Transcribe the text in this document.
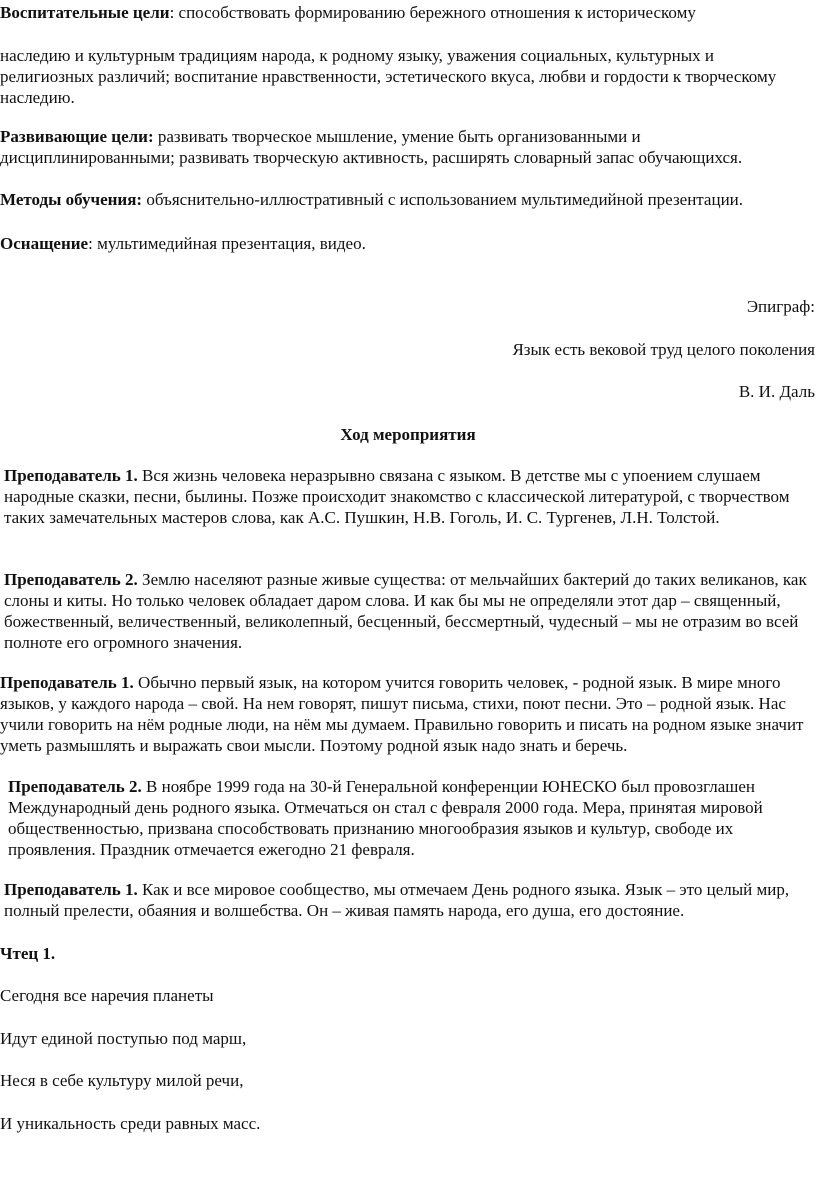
Воспитательные цели: способствовать формированию бережного отношения к историческому

наследию и культурным традициям народа, к родному языку, уважения социальных, культурных и религиозных различий; воспитание нравственности, эстетического вкуса, любви и гордости к творческому наследию.

Развивающие цели: развивать творческое мышление, умение быть организованными и дисциплинированными; развивать творческую активность, расширять словарный запас обучающихся.

Методы обучения: объяснительно-иллюстративный с использованием мультимедийной презентации.

Оснащение: мультимедийная презентация, видео.

Эпиграф:

Язык есть вековой труд целого поколения

В. И. Даль

Ход мероприятия

Преподаватель 1. Вся жизнь человека неразрывно связана с языком. В детстве мы с упоением слушаем народные сказки, песни, былины. Позже происходит знакомство с классической литературой, с творчеством таких замечательных мастеров слова, как А.С. Пушкин, Н.В. Гоголь, И. С. Тургенев, Л.Н. Толстой.

Преподаватель 2. Землю населяют разные живые существа: от мельчайших бактерий до таких великанов, как слоны и киты. Но только человек обладает даром слова. И как бы мы не определяли этот дар – священный, божественный, величественный, великолепный, бесценный, бессмертный, чудесный – мы не отразим во всей полноте его огромного значения.

Преподаватель 1. Обычно первый язык, на котором учится говорить человек, - родной язык. В мире много языков, у каждого народа – свой. На нем говорят, пишут письма, стихи, поют песни. Это – родной язык. Нас учили говорить на нём родные люди, на нём мы думаем. Правильно говорить и писать на родном языке значит уметь размышлять и выражать свои мысли. Поэтому родной язык надо знать и беречь.

Преподаватель 2. В ноябре 1999 года на 30-й Генеральной конференции ЮНЕСКО был провозглашен Международный день родного языка. Отмечаться он стал с февраля 2000 года. Мера, принятая мировой общественностью, призвана способствовать признанию многообразия языков и культур, свободе их проявления. Праздник отмечается ежегодно 21 февраля.

Преподаватель 1. Как и все мировое сообщество, мы отмечаем День родного языка. Язык – это целый мир, полный прелести, обаяния и волшебства. Он – живая память народа, его душа, его достояние.

Чтец 1.

Сегодня все наречия планеты

Идут единой поступью под марш,

Неся в себе культуру милой речи,

И уникальность среди равных масс.
